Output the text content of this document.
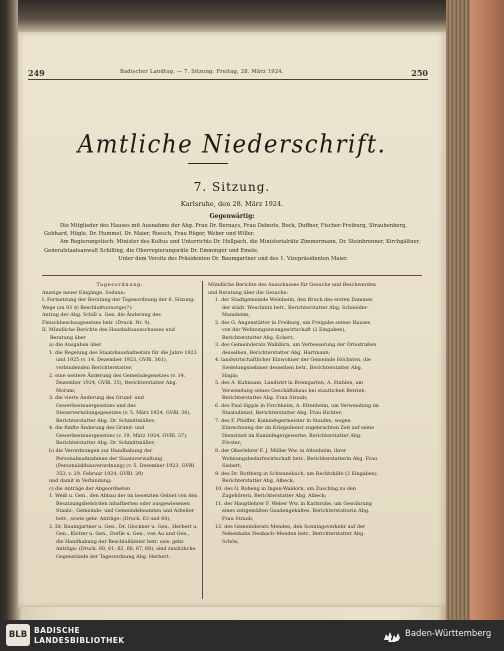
249	Badischer Landtag. — 7. Sitzung. Freitag, 28. März 1924.	250
Amtliche Niederschrift.
7. Sitzung.
Karlsruhe, den 28. März 1924.
Gegenwärtig:

Die Mitglieder des Hauses mit Ausnahme der Abg. Frau Dr. Bernays, Frau Deberle, Bock, Duffner, Fischer-Freiburg, Straubenberg, Gebhard, Hügle, Dr. Hummel, Dr. Maier, Roesch, Frau Rüger, Weber und Willer.

Am Regierungstisch: Minister des Kultus und Unterrichts Dr. Hellpach, die Ministerialräte Zimmermann, Dr. Steinbrenner, Kirchgäßner, Generalstaatsanwalt Schilling, die Oberregierungsräte Dr. Emminger und Emele.

Unter dem Vorsitz des Präsidenten Dr. Baumgartner und des 1. Vizepräsidenten Maier.

Tagesordnung:

Anzeige neuer Eingänge. Sodann:

I. Fortsetzung der Beratung der Tagesordnung der 6. Sitzung:

Wege (zu 93 d) Beschlußvorsorge(?):

Antrag der Abg. Schill u. Gen. die Änderung des Fleischbeschaugesetzes betr. (Druck. Nr. 9).

II. Mündliche Berichte des Haushaltsausschusses und Beratung über

a) die Ausgaben über

1. die Regelung des Staatshaushaltsetats für die Jahre 1923 und 1925 (v. 14. Dezember 1923, GVBl. 361), verbindenden Berichterstatter;

2. eine weitere Änderung des Gemeindegesetzes (v. 14. Dezember 1924, GVBl. 35), Berichterstatter Abg. Morum;

3. die vierte Änderung des Grund- und Gewerbesteuergesetzes und des Steuerverteilungsgesetzes (v. 5. März 1924, GVBl. 36), Berichterstatter Abg. Dr. Schmittmüller;

4. die fünfte Änderung des Grund- und Gewerbesteuergesetzes (v. 19. März 1924, GVBl. 37), Berichterstatter Abg. Dr. Schmittmüller;

b) die Verordnungen zur Handhabung der Personalmaßnahmen der Staatsverwaltung (Personalabbauverordnung) (v. 5. Dezember 1923, GVBl. 353; v. 29. Februar 1924, GVBl. 29)

und damit in Verbindung:

c) die Anträge der Abgeordneten

1. Weiß u. Gen., den Abbau der im besetzten Gebiet von den Besatzungsbehörden inhaftierten oder ausgewiesenen Staats-, Gemeinde- und Gemeindebeamten und Arbeiter betr., sowie gehr. Anträge: (Druck. 63 und 64),

2. Dr. Baumgartner u. Gen., Dr. Glockner u. Gen., Herbert u. Gen., Klotter u. Gen., Dorlle u. Gen., von Au und Gen., die Handhabung der Beschlußämter betr. usw. gehr. Anträge: (Druck. 60, 61, 62, 66, 67, 68), sind zusätzliche Gegenstände der Tagesordnung Abg. Herbert.

Mündliche Berichte des Ausschusses für Gesuche und Beschwerden und Beratung über die Gesuche:

1. der Stadtgemeinde Weinheim, den Bruch des ersten Dammes der städt. Weschnitz betr., Berichterstatter Abg. Schneider-Mannheim;

2. des G. Angenstätter in Freiburg, um Freigabe seines Hauses von der Wohnungszwangswirtschaft (2 Eingaben), Berichterstatter Abg. Eckert;

3. des Gemeinderats Walldürn, um Verbesserung der Ortsstraßen desselben, Berichterstatter Abg. Hartmann;

4. landwirtschaftlicher Einwohner der Gemeinde Höchsten, die Siedelungsnehmer desselben betr., Berichterstatter Abg. Hagin;

5. des A. Kuhmann, Landwirt in Bremgarten, A. Stahlen, um Verwendung seines Geschäftsbaus bei staatlichen Betrieb, Berichterstatter Abg. Frau Straub;

6. des Paul Sipple in Forchheim, A. Ettenheim, um Verwendung im Staatsdienst, Berichterstatter Abg. Frau Richter;

7. des F. Pfeiffer, Kaminfegermeister in Staufen, wegen Einrechnung der im Kriegsdienst zugebrachten Zeit auf seine Dienstzeit im Kaminfegergewerbe, Berichterstatter Abg. Förster;

8. der Oberlehrer F. J. Müller Ww. in Altenheim, ihrer Wohnungsbedarfswirtschaft betr., Berichterstatterin Abg. Frau Siebert;

9. des Dr. Rottberg in Schwanebach, um Rechtshilfe (2 Eingaben), Berichterstatter Abg. Albeck;

10. des O. Roheng in Ingen-Waldorn, um Zuschlag zu den Zugehörern, Berichterstatter Abg. Albeck;

11. der Hauptlehrer F. Weber Ww. in Karlsruhe, um Gewährung eines zeitgemäßen Gnadengehaltes, Berichterstatterin Abg. Frau Straub;

12. des Gemeinderats Menden, den Sonntagsverkehr auf der Nebenbahn Neubach–Menden betr., Berichterstatter Abg. Schön;

BLB BADISCHE
LANDESBIBLIOTHEK
Baden-Württemberg
